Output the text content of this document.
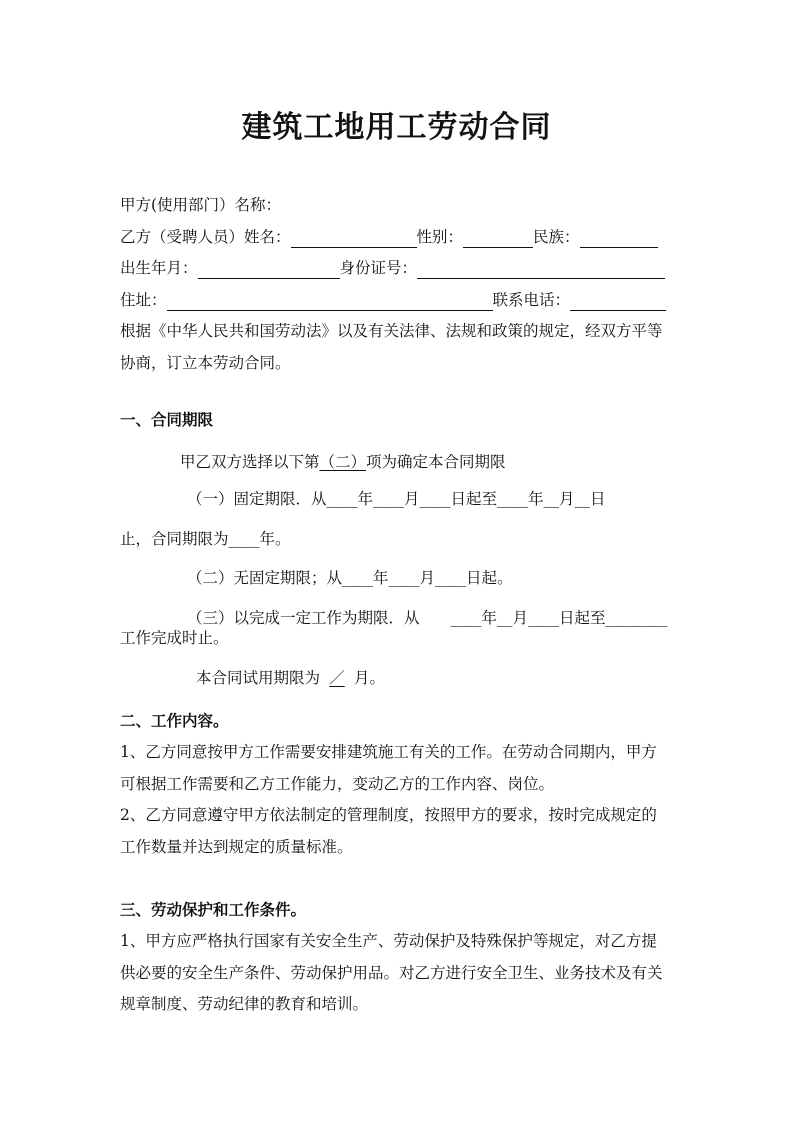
建筑工地用工劳动合同
甲方(使用部门）名称：
乙方（受聘人员）姓名：	性别：	民族：
出生年月：	身份证号：
住址：	联系电话：
根据《中华人民共和国劳动法》以及有关法律、法规和政策的规定，经双方平等
协商，订立本劳动合同。
一、合同期限
甲乙双方选择以下第（二）项为确定本合同期限
（一）固定期限．从____年____月____日起至____年__月__日
止，合同期限为____年。
（二）无固定期限；从____年____月____日起。
（三）以完成一定工作为期限．从　　____年__月____日起至________
工作完成时止。
本合同试用期限为 ／ 月。
二、工作内容。
1、乙方同意按甲方工作需要安排建筑施工有关的工作。在劳动合同期内，甲方
可根据工作需要和乙方工作能力，变动乙方的工作内容、岗位。
2、乙方同意遵守甲方依法制定的管理制度，按照甲方的要求，按时完成规定的
工作数量并达到规定的质量标准。
三、劳动保护和工作条件。
1、甲方应严格执行国家有关安全生产、劳动保护及特殊保护等规定，对乙方提
供必要的安全生产条件、劳动保护用品。对乙方进行安全卫生、业务技术及有关
规章制度、劳动纪律的教育和培训。
